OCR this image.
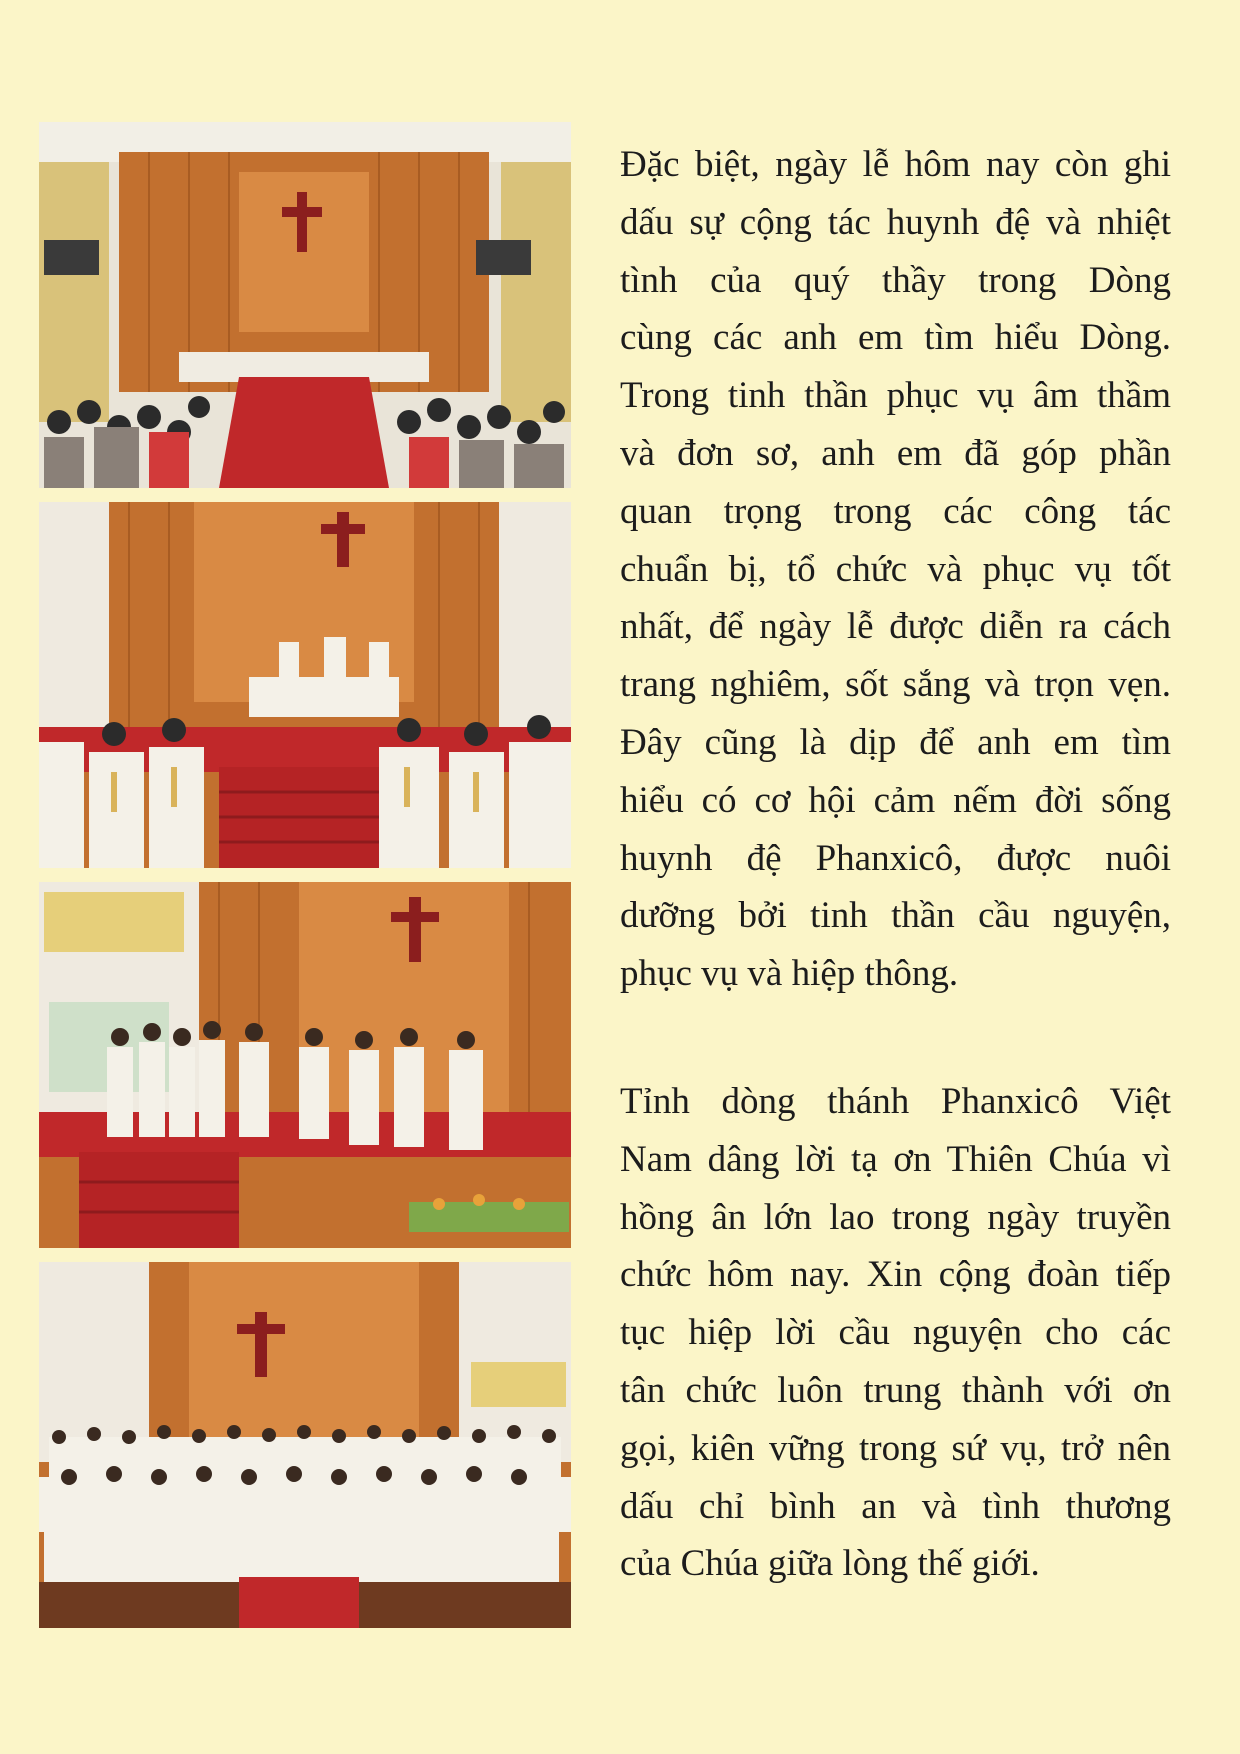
Đặc biệt, ngày lễ hôm nay còn ghi
dấu sự cộng tác huynh đệ và nhiệt
tình của quý thầy trong Dòng
cùng các anh em tìm hiểu Dòng.
Trong tinh thần phục vụ âm thầm
và đơn sơ, anh em đã góp phần
quan trọng trong các công tác
chuẩn bị, tổ chức và phục vụ tốt
nhất, để ngày lễ được diễn ra cách
trang nghiêm, sốt sắng và trọn vẹn.
Đây cũng là dịp để anh em tìm
hiểu có cơ hội cảm nếm đời sống
huynh đệ Phanxicô, được nuôi
dưỡng bởi tinh thần cầu nguyện,
phục vụ và hiệp thông.
Tỉnh dòng thánh Phanxicô Việt
Nam dâng lời tạ ơn Thiên Chúa vì
hồng ân lớn lao trong ngày truyền
chức hôm nay. Xin cộng đoàn tiếp
tục hiệp lời cầu nguyện cho các
tân chức luôn trung thành với ơn
gọi, kiên vững trong sứ vụ, trở nên
dấu chỉ bình an và tình thương
của Chúa giữa lòng thế giới.
